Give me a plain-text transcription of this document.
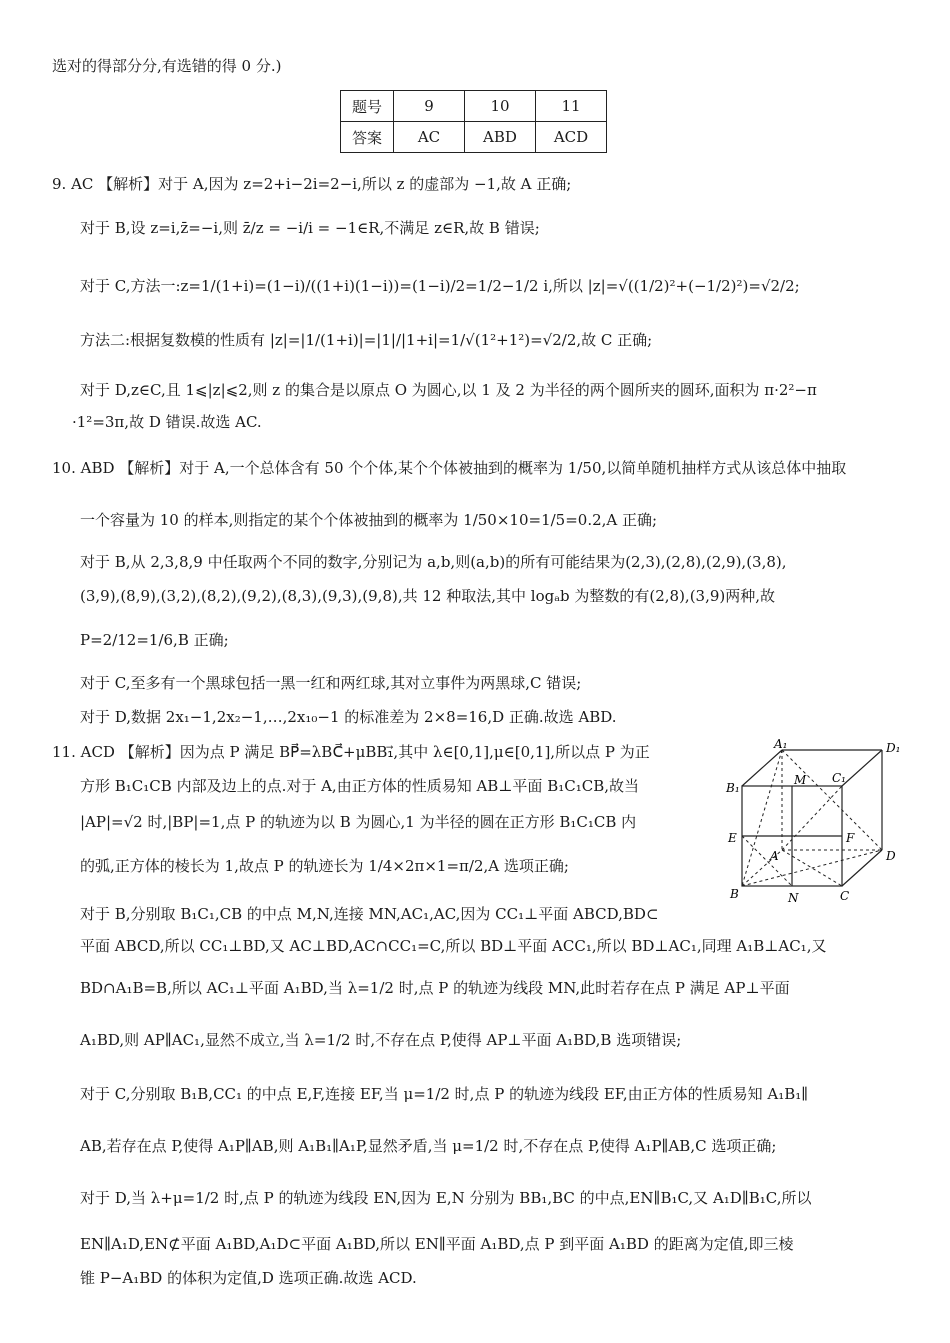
选对的得部分分,有选错的得 0 分.)
题号	9	10	11
答案	AC	ABD	ACD
9. AC 【解析】对于 A,因为 z=2+i−2i=2−i,所以 z 的虚部为 −1,故 A 正确;
对于 B,设 z=i,z̄=−i,则 z̄/z = −i/i = −1∈R,不满足 z∈R,故 B 错误;
对于 C,方法一:z=1/(1+i)=(1−i)/((1+i)(1−i))=(1−i)/2=1/2−1/2 i,所以 |z|=√((1/2)²+(−1/2)²)=√2/2;
方法二:根据复数模的性质有 |z|=|1/(1+i)|=|1|/|1+i|=1/√(1²+1²)=√2/2,故 C 正确;
对于 D,z∈C,且 1⩽|z|⩽2,则 z 的集合是以原点 O 为圆心,以 1 及 2 为半径的两个圆所夹的圆环,面积为 π·2²−π
·1²=3π,故 D 错误.故选 AC.
10. ABD 【解析】对于 A,一个总体含有 50 个个体,某个个体被抽到的概率为 1/50,以简单随机抽样方式从该总体中抽取
一个容量为 10 的样本,则指定的某个个体被抽到的概率为 1/50×10=1/5=0.2,A 正确;
对于 B,从 2,3,8,9 中任取两个不同的数字,分别记为 a,b,则(a,b)的所有可能结果为(2,3),(2,8),(2,9),(3,8),
(3,9),(8,9),(3,2),(8,2),(9,2),(8,3),(9,3),(9,8),共 12 种取法,其中 logₐb 为整数的有(2,8),(3,9)两种,故
P=2/12=1/6,B 正确;
对于 C,至多有一个黑球包括一黑一红和两红球,其对立事件为两黑球,C 错误;
对于 D,数据 2x₁−1,2x₂−1,…,2x₁₀−1 的标准差为 2×8=16,D 正确.故选 ABD.
11. ACD 【解析】因为点 P 满足 BP⃗=λBC⃗+μBB₁⃗,其中 λ∈[0,1],μ∈[0,1],所以点 P 为正
方形 B₁C₁CB 内部及边上的点.对于 A,由正方体的性质易知 AB⊥平面 B₁C₁CB,故当
|AP|=√2 时,|BP|=1,点 P 的轨迹为以 B 为圆心,1 为半径的圆在正方形 B₁C₁CB 内
的弧,正方体的棱长为 1,故点 P 的轨迹长为 1/4×2π×1=π/2,A 选项正确;
对于 B,分别取 B₁C₁,CB 的中点 M,N,连接 MN,AC₁,AC,因为 CC₁⊥平面 ABCD,BD⊂
平面 ABCD,所以 CC₁⊥BD,又 AC⊥BD,AC∩CC₁=C,所以 BD⊥平面 ACC₁,所以 BD⊥AC₁,同理 A₁B⊥AC₁,又
BD∩A₁B=B,所以 AC₁⊥平面 A₁BD,当 λ=1/2 时,点 P 的轨迹为线段 MN,此时若存在点 P 满足 AP⊥平面
A₁BD,则 AP∥AC₁,显然不成立,当 λ=1/2 时,不存在点 P,使得 AP⊥平面 A₁BD,B 选项错误;
对于 C,分别取 B₁B,CC₁ 的中点 E,F,连接 EF,当 μ=1/2 时,点 P 的轨迹为线段 EF,由正方体的性质易知 A₁B₁∥
AB,若存在点 P,使得 A₁P∥AB,则 A₁B₁∥A₁P,显然矛盾,当 μ=1/2 时,不存在点 P,使得 A₁P∥AB,C 选项正确;
对于 D,当 λ+μ=1/2 时,点 P 的轨迹为线段 EN,因为 E,N 分别为 BB₁,BC 的中点,EN∥B₁C,又 A₁D∥B₁C,所以
EN∥A₁D,EN⊄平面 A₁BD,A₁D⊂平面 A₁BD,所以 EN∥平面 A₁BD,点 P 到平面 A₁BD 的距离为定值,即三棱
锥 P−A₁BD 的体积为定值,D 选项正确.故选 ACD.
A₁	D₁
B₁
C₁
M
E	F
A	D
B	N	C
